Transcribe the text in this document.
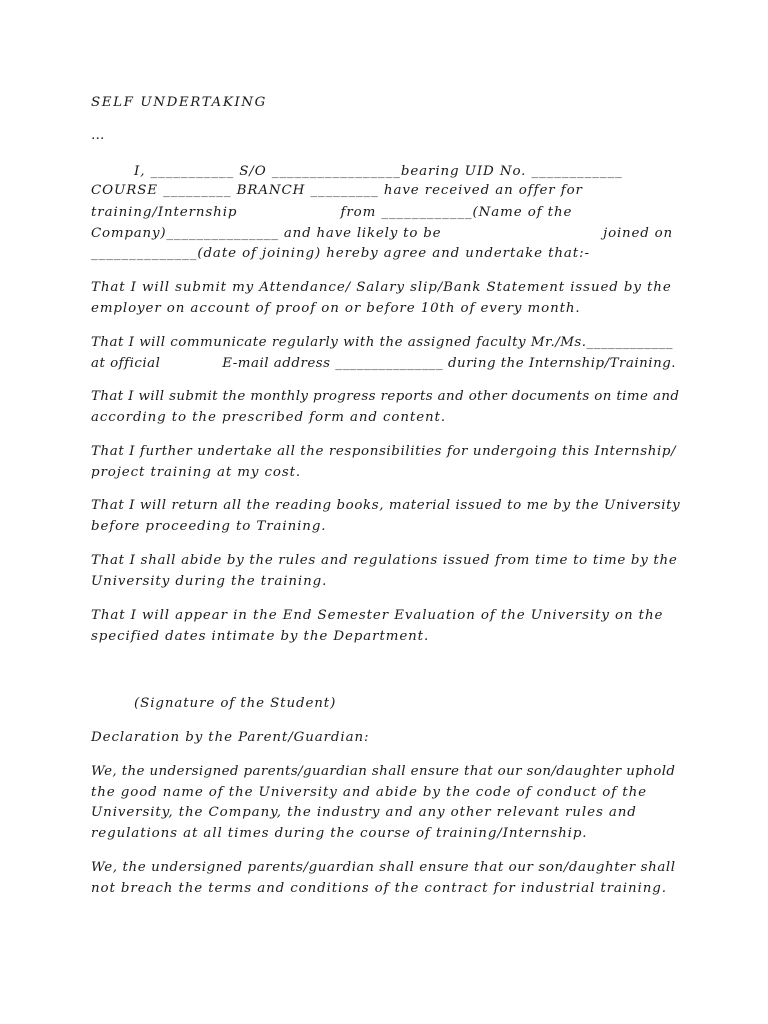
SELF UNDERTAKING
…
I, ___________ S/O _________________bearing UID No. ____________
COURSE _________ BRANCH _________ have received an offer for
training/Internship                    from ____________(Name of the
Company)_______________ and have likely to be                                joined on
______________(date of joining) hereby agree and undertake that:-
That I will submit my Attendance/ Salary slip/Bank Statement issued by the
employer on account of proof on or before 10th of every month.
That I will communicate regularly with the assigned faculty Mr./Ms.____________
at official             E-mail address _______________ during the Internship/Training.
That I will submit the monthly progress reports and other documents on time and
according to the prescribed form and content.
That I further undertake all the responsibilities for undergoing this Internship/
project training at my cost.
That I will return all the reading books, material issued to me by the University
before proceeding to Training.
That I shall abide by the rules and regulations issued from time to time by the
University during the training.
That I will appear in the End Semester Evaluation of the University on the
specified dates intimate by the Department.
(Signature of the Student)
Declaration by the Parent/Guardian:
We, the undersigned parents/guardian shall ensure that our son/daughter uphold
the good name of the University and abide by the code of conduct of the
University, the Company, the industry and any other relevant rules and
regulations at all times during the course of training/Internship.
We, the undersigned parents/guardian shall ensure that our son/daughter shall
not breach the terms and conditions of the contract for industrial training.
